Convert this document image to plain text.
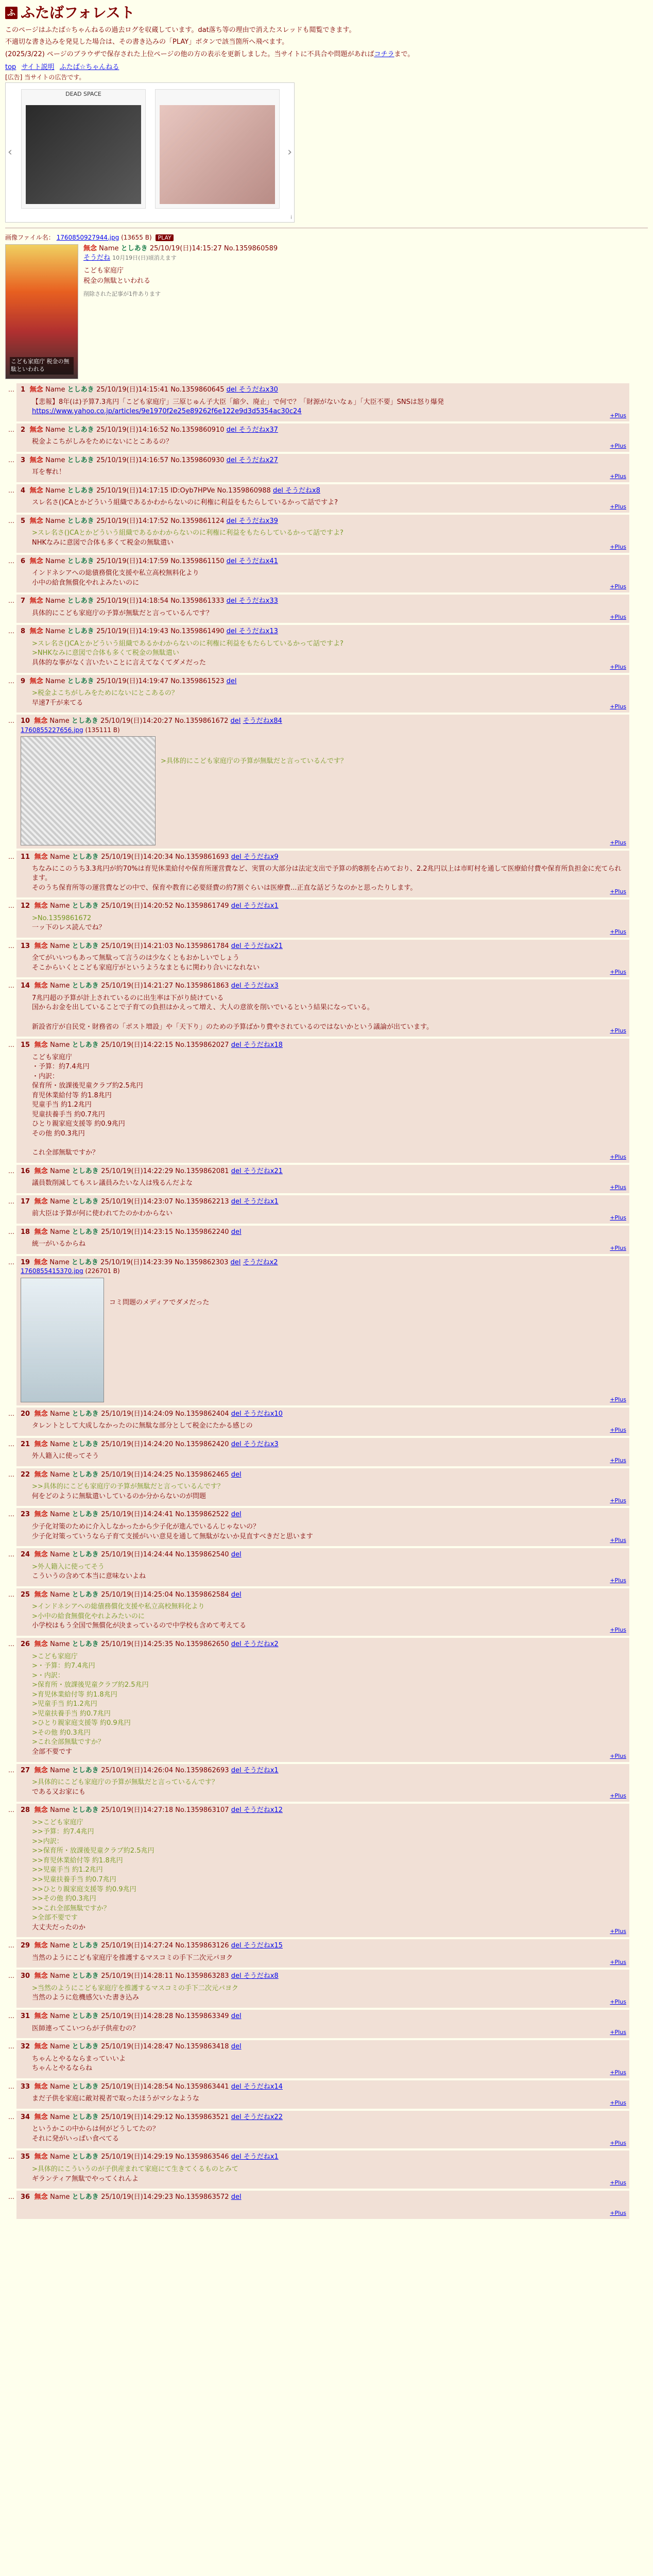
ふ ふたばフォレスト

このページはふたば☆ちゃんねるの過去ログを収蔵しています。dat落ち等の理由で消えたスレッドも閲覧できます。

不適切な書き込みを発見した場合は、その書き込みの「PLAY」ボタンで該当箇所へ飛べます。

(2025/3/22) ページのブラウザで保存された上位ページの他の方の表示を更新しました。当サイトに不具合や問題があればコチラまで。

top サイト説明 ふたば☆ちゃんねる
[広告] 当サイトの広告です。
‹
DEAD SPACE
›
i
画像ファイル名： 1760850927944.jpg (13655 B) PLAY
こども家庭庁 税金の無駄といわれる
無念 Name としあき 25/10/19(日)14:15:27 No.1359860589
そうだね 10月19日(日)頃消えます
こども家庭庁
税金の無駄といわれる
削除された記事が1件あります
… 1 無念 Name としあき 25/10/19(日)14:15:41 No.1359860645 del そうだねx30
【悲報】8年(は)予算7.3兆円「こども家庭庁」三原じゅん子大臣「縮少、廃止」で何で？「財源がないなぁ」「大臣不要」SNSは怒り爆発
https://www.yahoo.co.jp/articles/9e1970f2e25e89262f6e122e9d3d5354ac30c24
+Plus
… 2 無念 Name としあき 25/10/19(日)14:16:52 No.1359860910 del そうだねx37
税金よこちがしみをためにないにとこあるの？
+Plus
… 3 無念 Name としあき 25/10/19(日)14:16:57 No.1359860930 del そうだねx27
耳を奪れ！
+Plus
… 4 無念 Name としあき 25/10/19(日)14:17:15 ID:Oyb7HPVe No.1359860988 del そうだねx8
スレ名さ()CAとかどういう組織であるかわからないのに利権に利益をもたらしているかって話ですよ?
+Plus
… 5 無念 Name としあき 25/10/19(日)14:17:52 No.1359861124 del そうだねx39
>スレ名さ()CAとかどういう組織であるかわからないのに利権に利益をもたらしているかって話ですよ?
NHKなみに意図で合体も多くて税金の無駄遣い
+Plus
… 6 無念 Name としあき 25/10/19(日)14:17:59 No.1359861150 del そうだねx41
インドネシアへの総債務償化支援や私立高校無料化より
小中の給食無償化やれよみたいのに
+Plus
… 7 無念 Name としあき 25/10/19(日)14:18:54 No.1359861333 del そうだねx33
具体的にこども家庭庁の予算が無駄だと言っているんです？
+Plus
… 8 無念 Name としあき 25/10/19(日)14:19:43 No.1359861490 del そうだねx13
>スレ名さ()CAとかどういう組織であるかわからないのに利権に利益をもたらしているかって話ですよ?
>NHKなみに意図で合体も多くて税金の無駄遣い
具体的な事がなく言いたいことに言えてなくてダメだった
+Plus
… 9 無念 Name としあき 25/10/19(日)14:19:47 No.1359861523 del
>税金よこちがしみをためにないにとこあるの？
早速7千が来てる
+Plus
… 10 無念 Name としあき 25/10/19(日)14:20:27 No.1359861672 del そうだねx84
1760855227656.jpg (135111 B)
>具体的にこども家庭庁の予算が無駄だと言っているんです？
+Plus
… 11 無念 Name としあき 25/10/19(日)14:20:34 No.1359861693 del そうだねx9
ちなみにこのうち3.3兆円が約70%は育児休業給付や保育所運営費など、実質の大部分は法定支出で予算の約8割を占めており、2.2兆円以上は市町村を通して医療給付費や保育所負担金に充てられます。
そのうち保育所等の運営費などの中で、保育や教育に必要経費の約7割ぐらいは医療費...正直な話どうなのかと思ったりします。
+Plus
… 12 無念 Name としあき 25/10/19(日)14:20:52 No.1359861749 del そうだねx1
>No.1359861672
一ッ下のレス読んでね？
+Plus
… 13 無念 Name としあき 25/10/19(日)14:21:03 No.1359861784 del そうだねx21
全てがいいつもあって無駄って言うのは少なくともおかしいでしょう
そこからいくとこども家庭庁がというようなまともに関わり合いになれない
+Plus
… 14 無念 Name としあき 25/10/19(日)14:21:27 No.1359861863 del そうだねx3
7兆円超の予算が計上されているのに出生率は下がり続けている
国からお金を出していることで子育ての負担はかえって増え、大人の意欲を削いでいるという結果になっている。

新設省庁が自民党・財務省の「ポスト増設」や「天下り」のための予算ばかり費やされているのではないかという議論が出ています。
+Plus
… 15 無念 Name としあき 25/10/19(日)14:22:15 No.1359862027 del そうだねx18
こども家庭庁
・予算：約7.4兆円
・内訳：
保育所・放課後児童クラブ約2.5兆円
育児休業給付等 約1.8兆円
児童手当 約1.2兆円
児童扶養手当 約0.7兆円
ひとり親家庭支援等 約0.9兆円
その他 約0.3兆円

これ全部無駄ですか？
+Plus
… 16 無念 Name としあき 25/10/19(日)14:22:29 No.1359862081 del そうだねx21
議員数削減してもスレ議員みたいな人は残るんだよな
+Plus
… 17 無念 Name としあき 25/10/19(日)14:23:07 No.1359862213 del そうだねx1
前大臣は予算が何に使われてたのかわからない
+Plus
… 18 無念 Name としあき 25/10/19(日)14:23:15 No.1359862240 del
統一がいるからね
+Plus
… 19 無念 Name としあき 25/10/19(日)14:23:39 No.1359862303 del そうだねx2
1760855415370.jpg (226701 B)
コミ問題のメディアでダメだった
+Plus
… 20 無念 Name としあき 25/10/19(日)14:24:09 No.1359862404 del そうだねx10
タレントとして大成しなかったのに無駄な部分として税金にたかる感じの
+Plus
… 21 無念 Name としあき 25/10/19(日)14:24:20 No.1359862420 del そうだねx3
外人籍入に使ってそう
+Plus
… 22 無念 Name としあき 25/10/19(日)14:24:25 No.1359862465 del
>>具体的にこども家庭庁の予算が無駄だと言っているんです？
何をどのように無駄遣いしているのか分からないのが問題
+Plus
… 23 無念 Name としあき 25/10/19(日)14:24:41 No.1359862522 del
少子化対策のために介入しなかったから少子化が進んでいるんじゃないの？
少子化対策っていうなら子育て支援がいい意見を通して無駄がないか見直すべきだと思います
+Plus
… 24 無念 Name としあき 25/10/19(日)14:24:44 No.1359862540 del
>外人籍入に使ってそう
こういうの含めて本当に意味ないよね
+Plus
… 25 無念 Name としあき 25/10/19(日)14:25:04 No.1359862584 del
>インドネシアへの総債務償化支援や私立高校無料化より
>小中の給食無償化やれよみたいのに
小学校はもう全国で無償化が決まっているので中学校も含めて考えてる
+Plus
… 26 無念 Name としあき 25/10/19(日)14:25:35 No.1359862650 del そうだねx2
>こども家庭庁
>・予算：約7.4兆円
>・内訳：
>保育所・放課後児童クラブ約2.5兆円
>育児休業給付等 約1.8兆円
>児童手当 約1.2兆円
>児童扶養手当 約0.7兆円
>ひとり親家庭支援等 約0.9兆円
>その他 約0.3兆円
>これ全部無駄ですか？
全部不要です
+Plus
… 27 無念 Name としあき 25/10/19(日)14:26:04 No.1359862693 del そうだねx1
>具体的にこども家庭庁の予算が無駄だと言っているんです？
である又お家にも
+Plus
… 28 無念 Name としあき 25/10/19(日)14:27:18 No.1359863107 del そうだねx12
>>こども家庭庁
>>予算：約7.4兆円
>>内訳：
>>保育所・放課後児童クラブ約2.5兆円
>>育児休業給付等 約1.8兆円
>>児童手当 約1.2兆円
>>児童扶養手当 約0.7兆円
>>ひとり親家庭支援等 約0.9兆円
>>その他 約0.3兆円
>>これ全部無駄ですか？
>全部不要です
大丈夫だったのか
+Plus
… 29 無念 Name としあき 25/10/19(日)14:27:24 No.1359863126 del そうだねx15
当然のようにこども家庭庁を推護するマスコミの手下二次元パヨク
+Plus
… 30 無念 Name としあき 25/10/19(日)14:28:11 No.1359863283 del そうだねx8
>当然のようにこども家庭庁を推護するマスコミの手下二次元パヨク
当然のように危機感欠いた書き込み
+Plus
… 31 無念 Name としあき 25/10/19(日)14:28:28 No.1359863349 del
医師連ってこいつらが子供産むの？
+Plus
… 32 無念 Name としあき 25/10/19(日)14:28:47 No.1359863418 del
ちゃんとやるならまっていいよ
ちゃんとやるならね
+Plus
… 33 無念 Name としあき 25/10/19(日)14:28:54 No.1359863441 del そうだねx14
まだ子供を家庭に敵対視者で取ったほうがマシなような
+Plus
… 34 無念 Name としあき 25/10/19(日)14:29:12 No.1359863521 del そうだねx22
というかこの中からは何がどうしてたの？
それに発がいっぱい食べてる
+Plus
… 35 無念 Name としあき 25/10/19(日)14:29:19 No.1359863546 del そうだねx1
>具体的にこういうのが子供産まれて家庭にて生きてくるものとみて
ギランティア無駄でやってくれんよ
+Plus
… 36 無念 Name としあき 25/10/19(日)14:29:23 No.1359863572 del

+Plus
